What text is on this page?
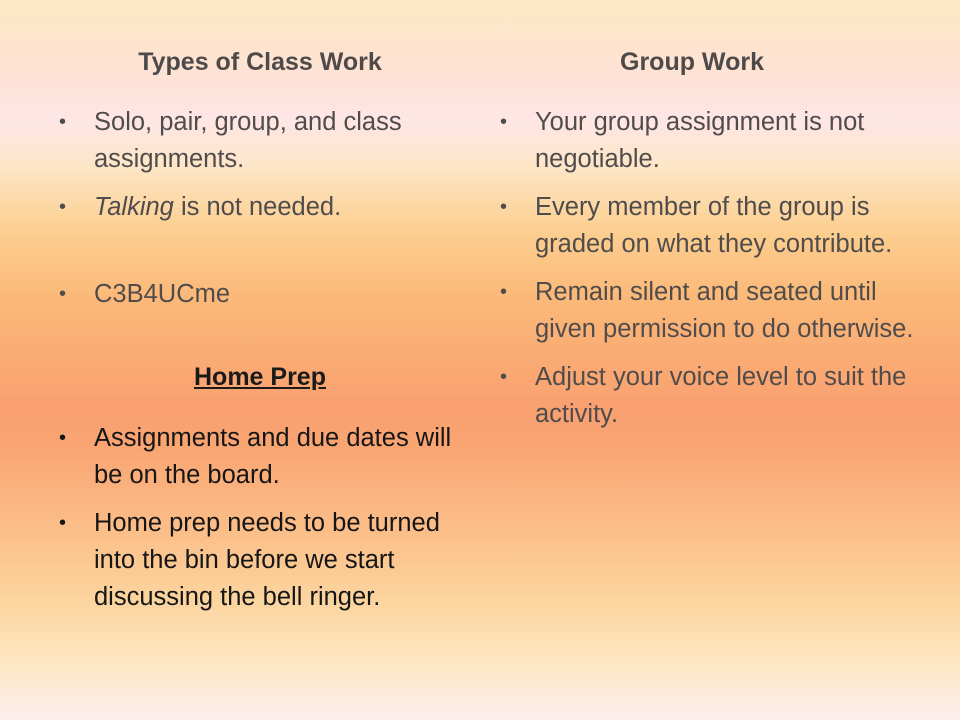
Types of Class Work	Group Work
• Solo, pair, group, and class assignments.
• Talking is not needed.
• C3B4UCme
Home Prep
• Assignments and due dates will be on the board.
• Home prep needs to be turned into the bin before we start discussing the bell ringer.
• Your group assignment is not negotiable.
• Every member of the group is graded on what they contribute.
• Remain silent and seated until given permission to do otherwise.
• Adjust your voice level to suit the activity.
